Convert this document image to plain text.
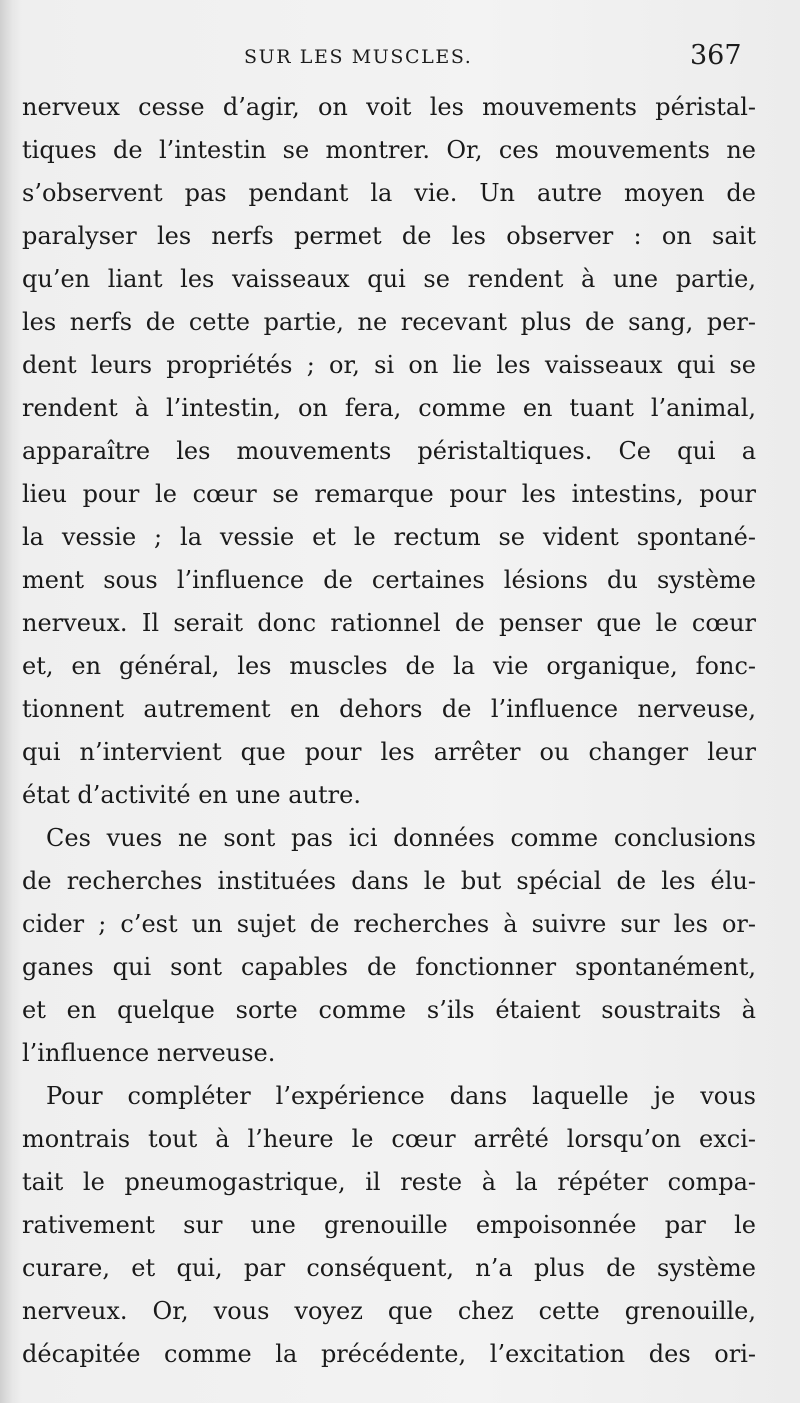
SUR LES MUSCLES.	367
nerveux cesse d’agir, on voit les mouvements péristal-
tiques de l’intestin se montrer. Or, ces mouvements ne
s’observent pas pendant la vie. Un autre moyen de
paralyser les nerfs permet de les observer : on sait
qu’en liant les vaisseaux qui se rendent à une partie,
les nerfs de cette partie, ne recevant plus de sang, per-
dent leurs propriétés ; or, si on lie les vaisseaux qui se
rendent à l’intestin, on fera, comme en tuant l’animal,
apparaître les mouvements péristaltiques. Ce qui a
lieu pour le cœur se remarque pour les intestins, pour
la vessie ; la vessie et le rectum se vident spontané-
ment sous l’influence de certaines lésions du système
nerveux. Il serait donc rationnel de penser que le cœur
et, en général, les muscles de la vie organique, fonc-
tionnent autrement en dehors de l’influence nerveuse,
qui n’intervient que pour les arrêter ou changer leur
état d’activité en une autre.
Ces vues ne sont pas ici données comme conclusions
de recherches instituées dans le but spécial de les élu-
cider ; c’est un sujet de recherches à suivre sur les or-
ganes qui sont capables de fonctionner spontanément,
et en quelque sorte comme s’ils étaient soustraits à
l’influence nerveuse.
Pour compléter l’expérience dans laquelle je vous
montrais tout à l’heure le cœur arrêté lorsqu’on exci-
tait le pneumogastrique, il reste à la répéter compa-
rativement sur une grenouille empoisonnée par le
curare, et qui, par conséquent, n’a plus de système
nerveux. Or, vous voyez que chez cette grenouille,
décapitée comme la précédente, l’excitation des ori-
